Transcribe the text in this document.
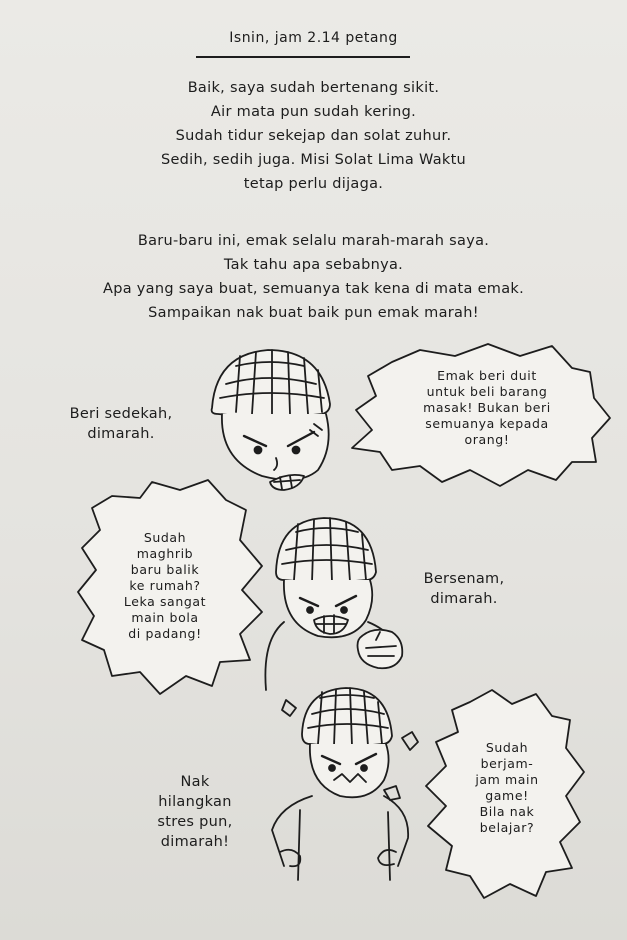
Isnin, jam 2.14 petang

Baik, saya sudah bertenang sikit.

Air mata pun sudah kering.

Sudah tidur sekejap dan solat zuhur.

Sedih, sedih juga. Misi Solat Lima Waktu

tetap perlu dijaga.

Baru-baru ini, emak selalu marah-marah saya.

Tak tahu apa sebabnya.

Apa yang saya buat, semuanya tak kena di mata emak.

Sampaikan nak buat baik pun emak marah!

Beri sedekah,
dimarah.
Emak beri duit
untuk beli barang
masak! Bukan beri
semuanya kepada
orang!
Bersenam,
dimarah.
Sudah
maghrib
baru balik
ke rumah?
Leka sangat
main bola
di padang!
Nak
hilangkan
stres pun,
dimarah!
Sudah
berjam-
jam main
game!
Bila nak
belajar?
